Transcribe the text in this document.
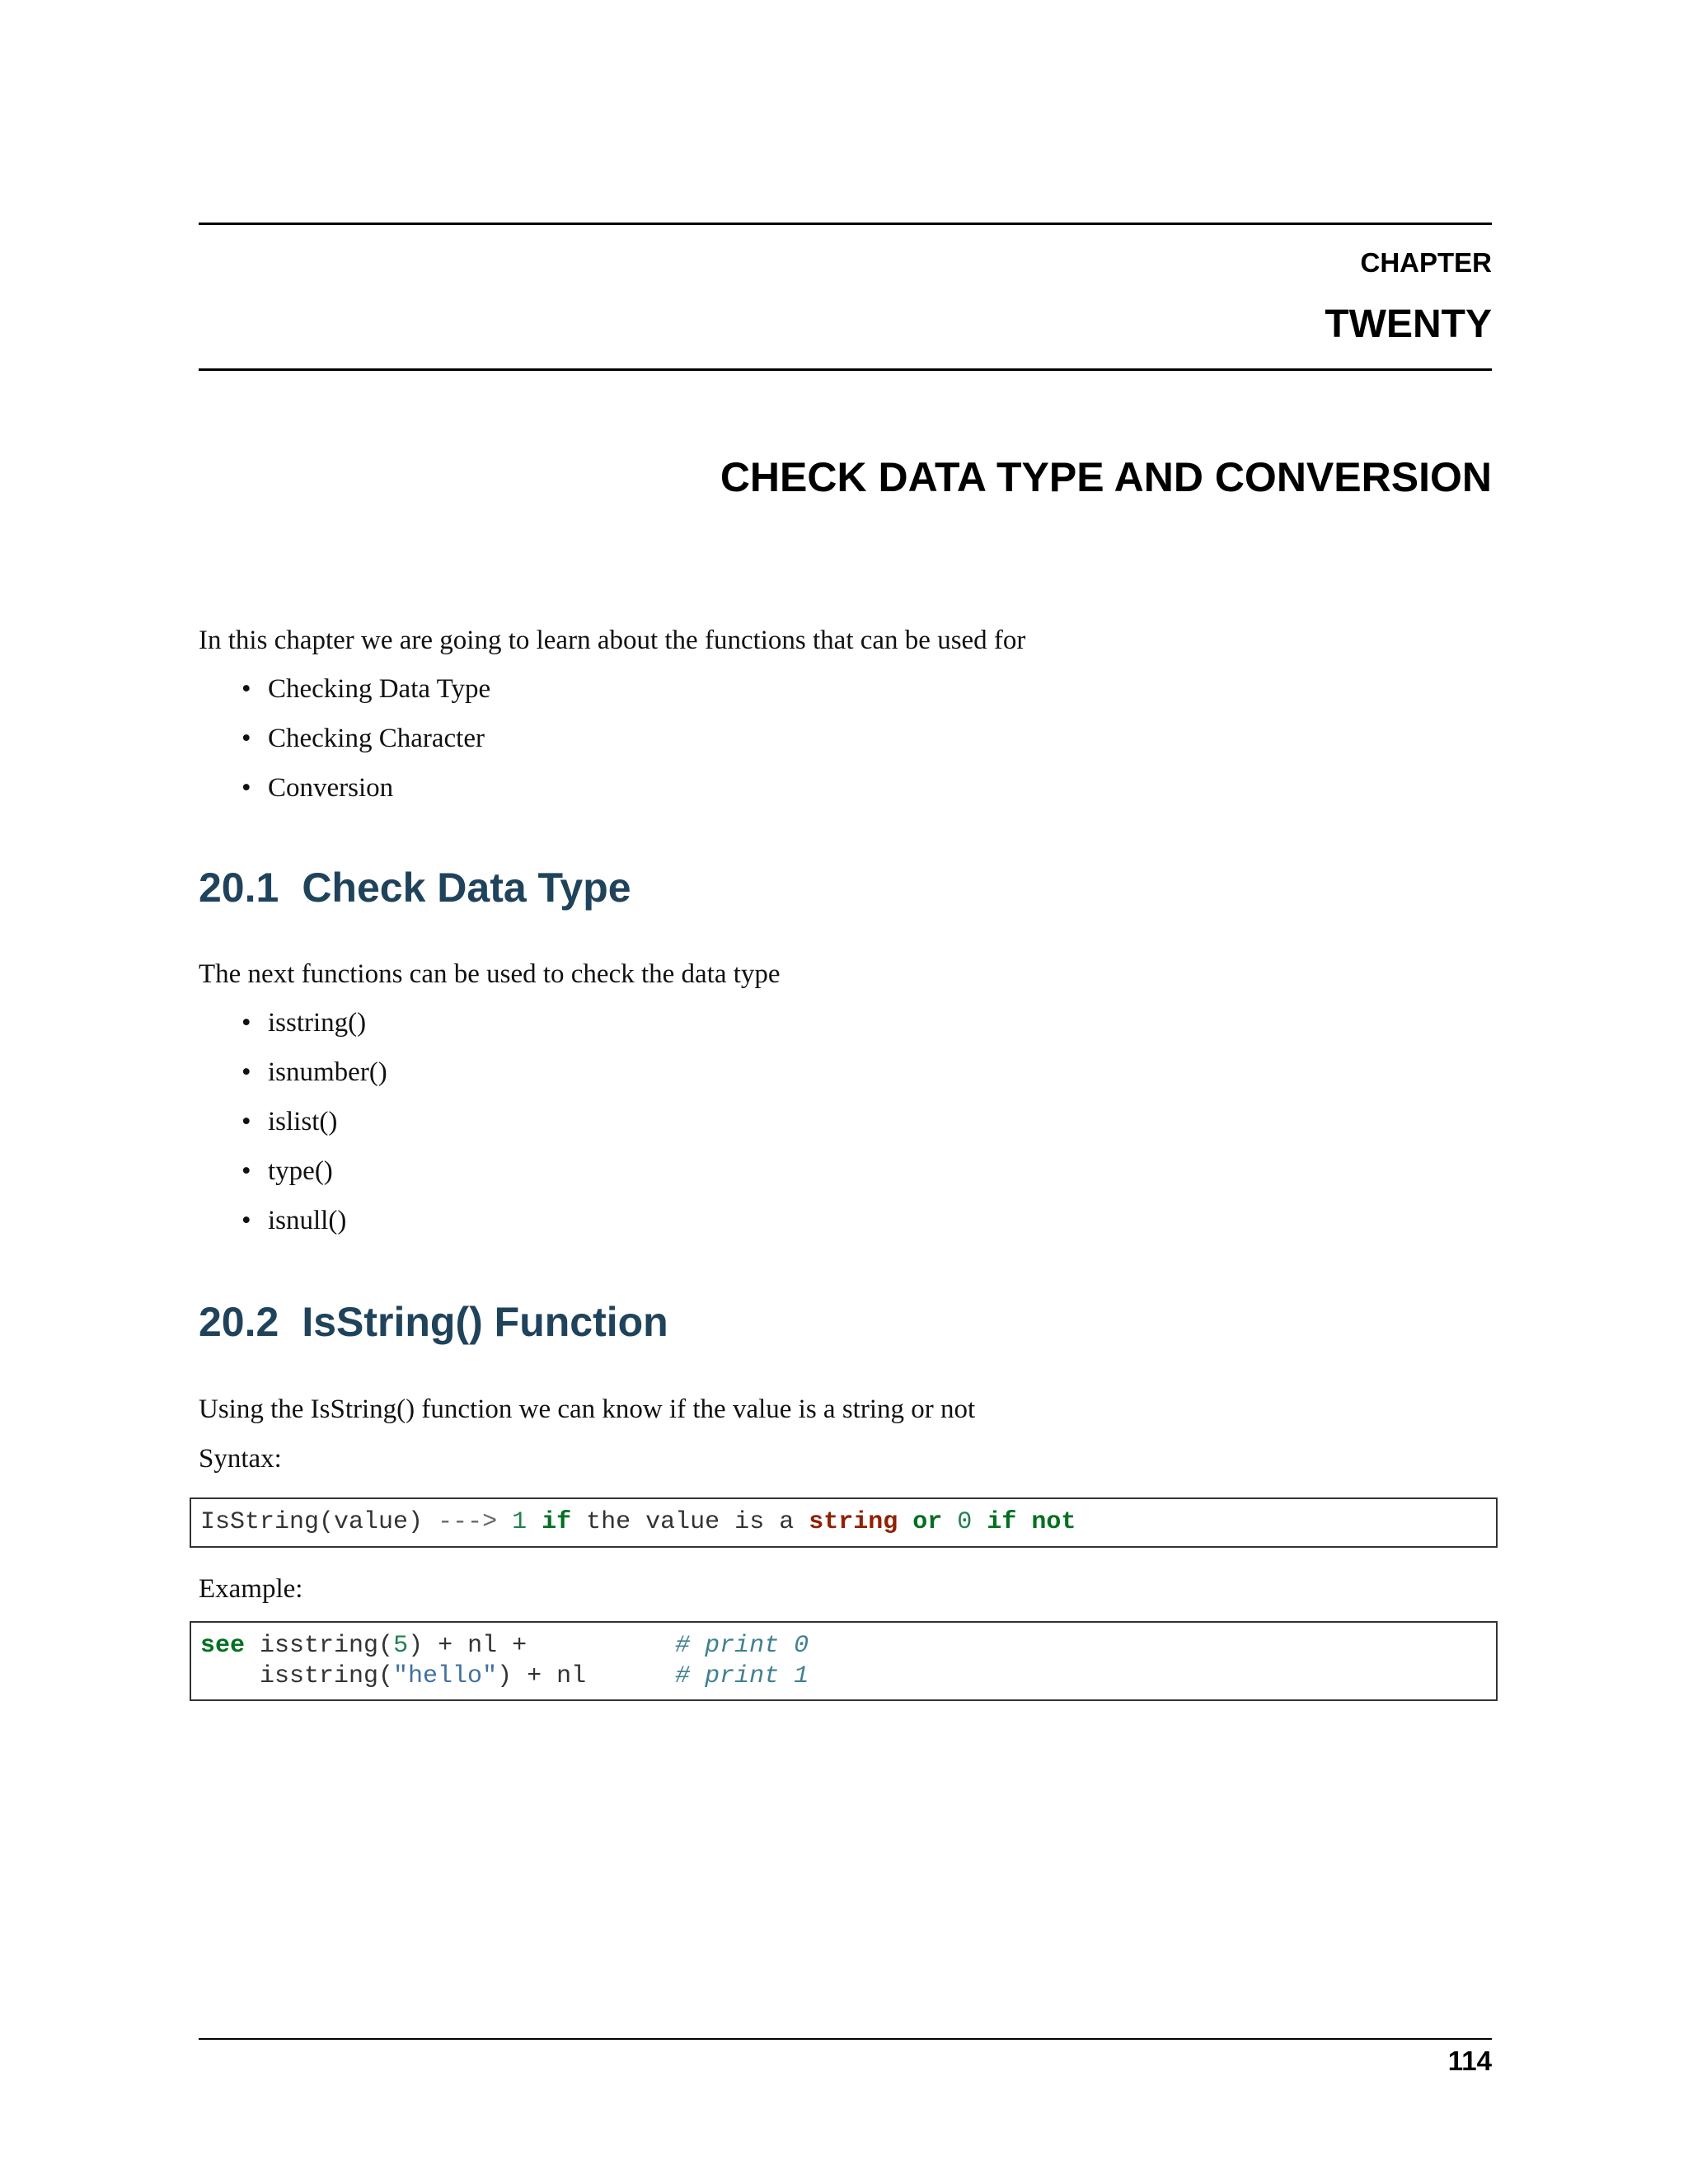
CHAPTER
TWENTY
CHECK DATA TYPE AND CONVERSION

In this chapter we are going to learn about the functions that can be used for

• Checking Data Type
• Checking Character
• Conversion
20.1 Check Data Type

The next functions can be used to check the data type

• isstring()
• isnumber()
• islist()
• type()
• isnull()
20.2 IsString() Function

Using the IsString() function we can know if the value is a string or not

Syntax:

IsString(value) ---> 1 if the value is a string or 0 if not

Example:

see isstring(5) + nl +	# print 0
isstring("hello") + nl	# print 1

114
